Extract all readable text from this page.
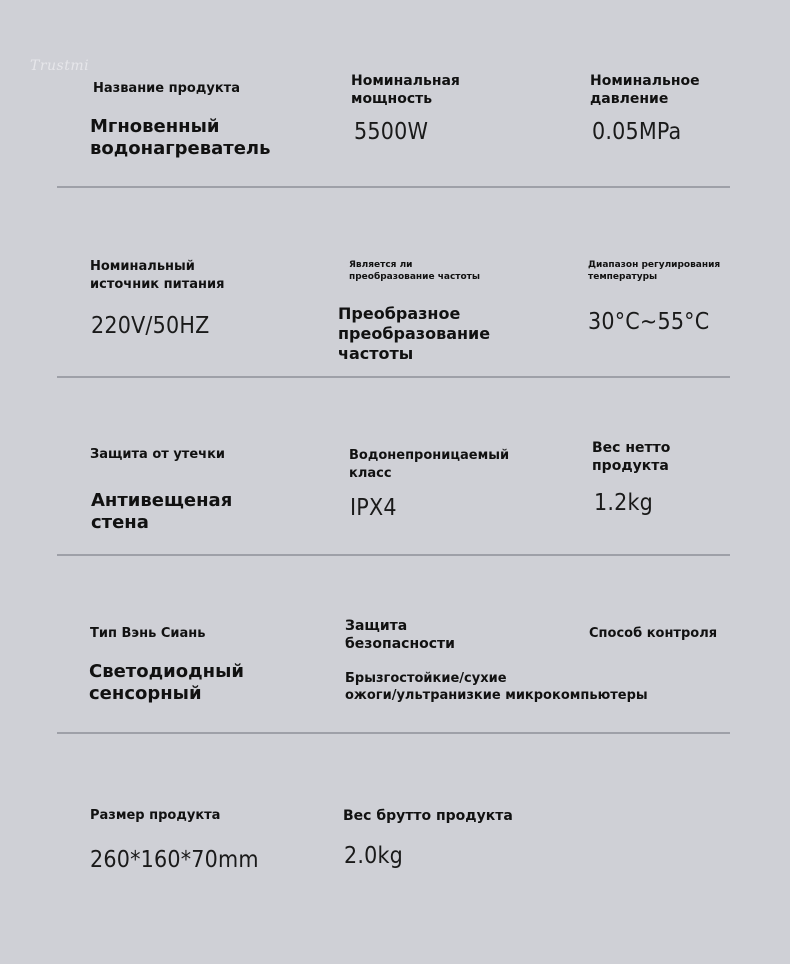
Trustmi
Название продукта
Мгновенный
водонагреватель
Номинальная
мощность
5500W
Номинальное
давление
0.05MPa
Номинальный
источник питания
220V/50HZ
Является ли
преобразование частоты
Преобразное
преобразование
частоты
Диапазон регулирования
температуры
30°C~55°C
Защита от утечки
Антивещеная
стена
Водонепроницаемый
класс
IPX4
Вес нетто
продукта
1.2kg
Тип Вэнь Сиань
Светодиодный
сенсорный
Защита
безопасности
Брызгостойкие/сухие
ожоги/ультранизкие микрокомпьютеры
Способ контроля
Размер продукта
260*160*70mm
Вес брутто продукта
2.0kg
